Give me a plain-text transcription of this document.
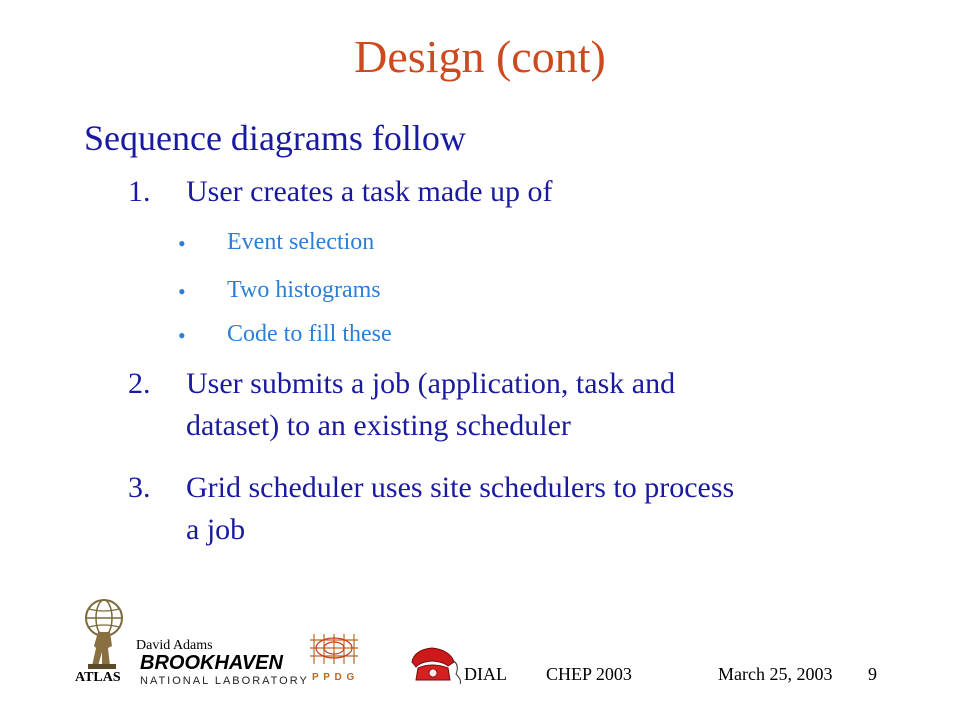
Design (cont)
Sequence diagrams follow
1. User creates a task made up of
• Event selection
• Two histograms
• Code to fill these
2. User submits a job (application, task and
dataset) to an existing scheduler
3. Grid scheduler uses site schedulers to process
a job
ATLAS
David Adams
BROOKHAVEN
NATIONAL LABORATORY P P D G	DIAL CHEP 2003	March 25, 2003 9
